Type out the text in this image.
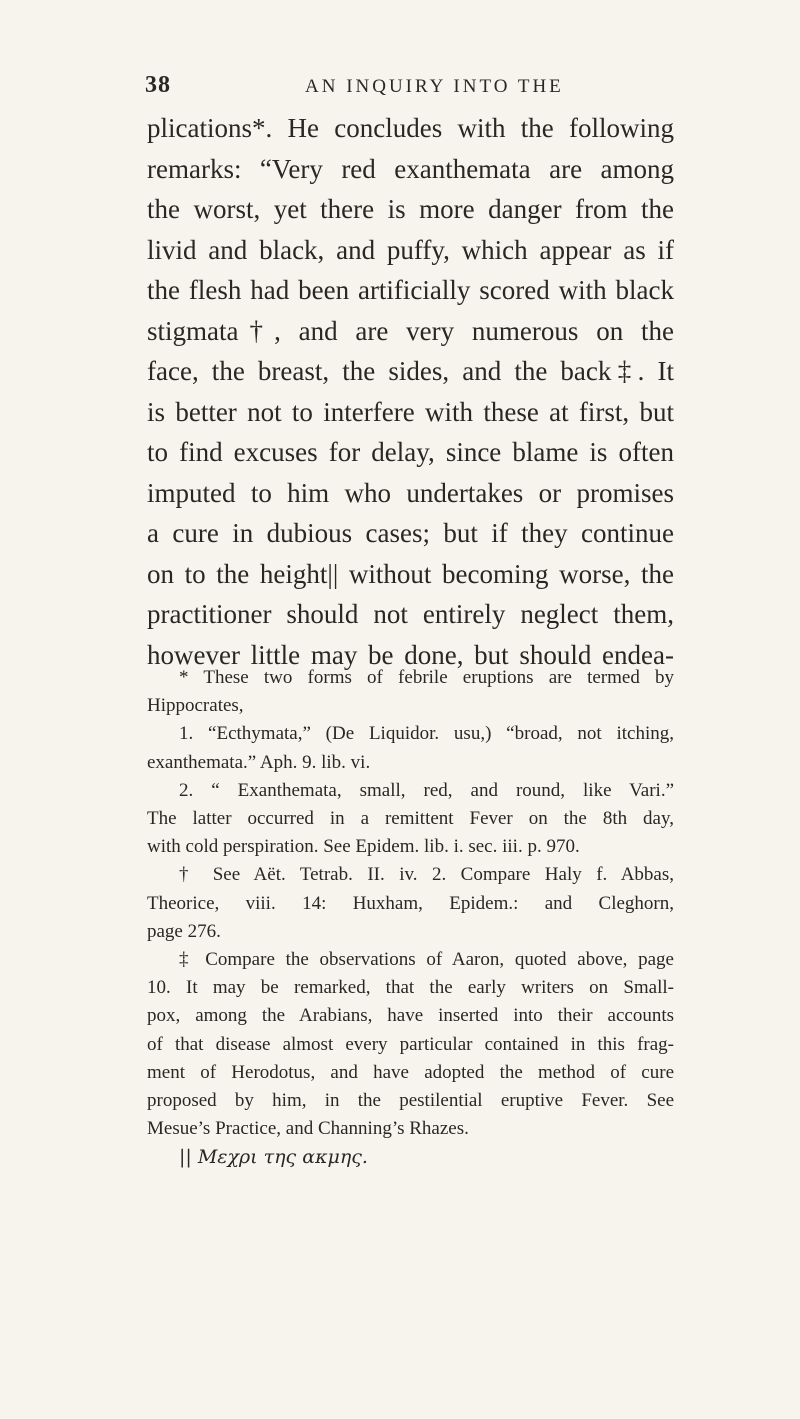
38	AN INQUIRY INTO THE
plications*. He concludes with the following
remarks: “Very red exanthemata are among
the worst, yet there is more danger from the
livid and black, and puffy, which appear as if
the flesh had been artificially scored with black
stigmata†, and are very numerous on the
face, the breast, the sides, and the back‡. It
is better not to interfere with these at first, but
to find excuses for delay, since blame is often
imputed to him who undertakes or promises
a cure in dubious cases; but if they continue
on to the height|| without becoming worse, the
practitioner should not entirely neglect them,
however little may be done, but should endea-
* These two forms of febrile eruptions are termed by
Hippocrates,
1. “Ecthymata,” (De Liquidor. usu,) “broad, not itching,
exanthemata.” Aph. 9. lib. vi.
2. “ Exanthemata, small, red, and round, like Vari.”
The latter occurred in a remittent Fever on the 8th day,
with cold perspiration. See Epidem. lib. i. sec. iii. p. 970.
† See Aët. Tetrab. II. iv. 2. Compare Haly f. Abbas,
Theorice, viii. 14: Huxham, Epidem.: and Cleghorn,
page 276.
‡ Compare the observations of Aaron, quoted above, page
10. It may be remarked, that the early writers on Small-
pox, among the Arabians, have inserted into their accounts
of that disease almost every particular contained in this frag-
ment of Herodotus, and have adopted the method of cure
proposed by him, in the pestilential eruptive Fever. See
Mesue’s Practice, and Channing’s Rhazes.
|| Μεχρι της ακμης.
